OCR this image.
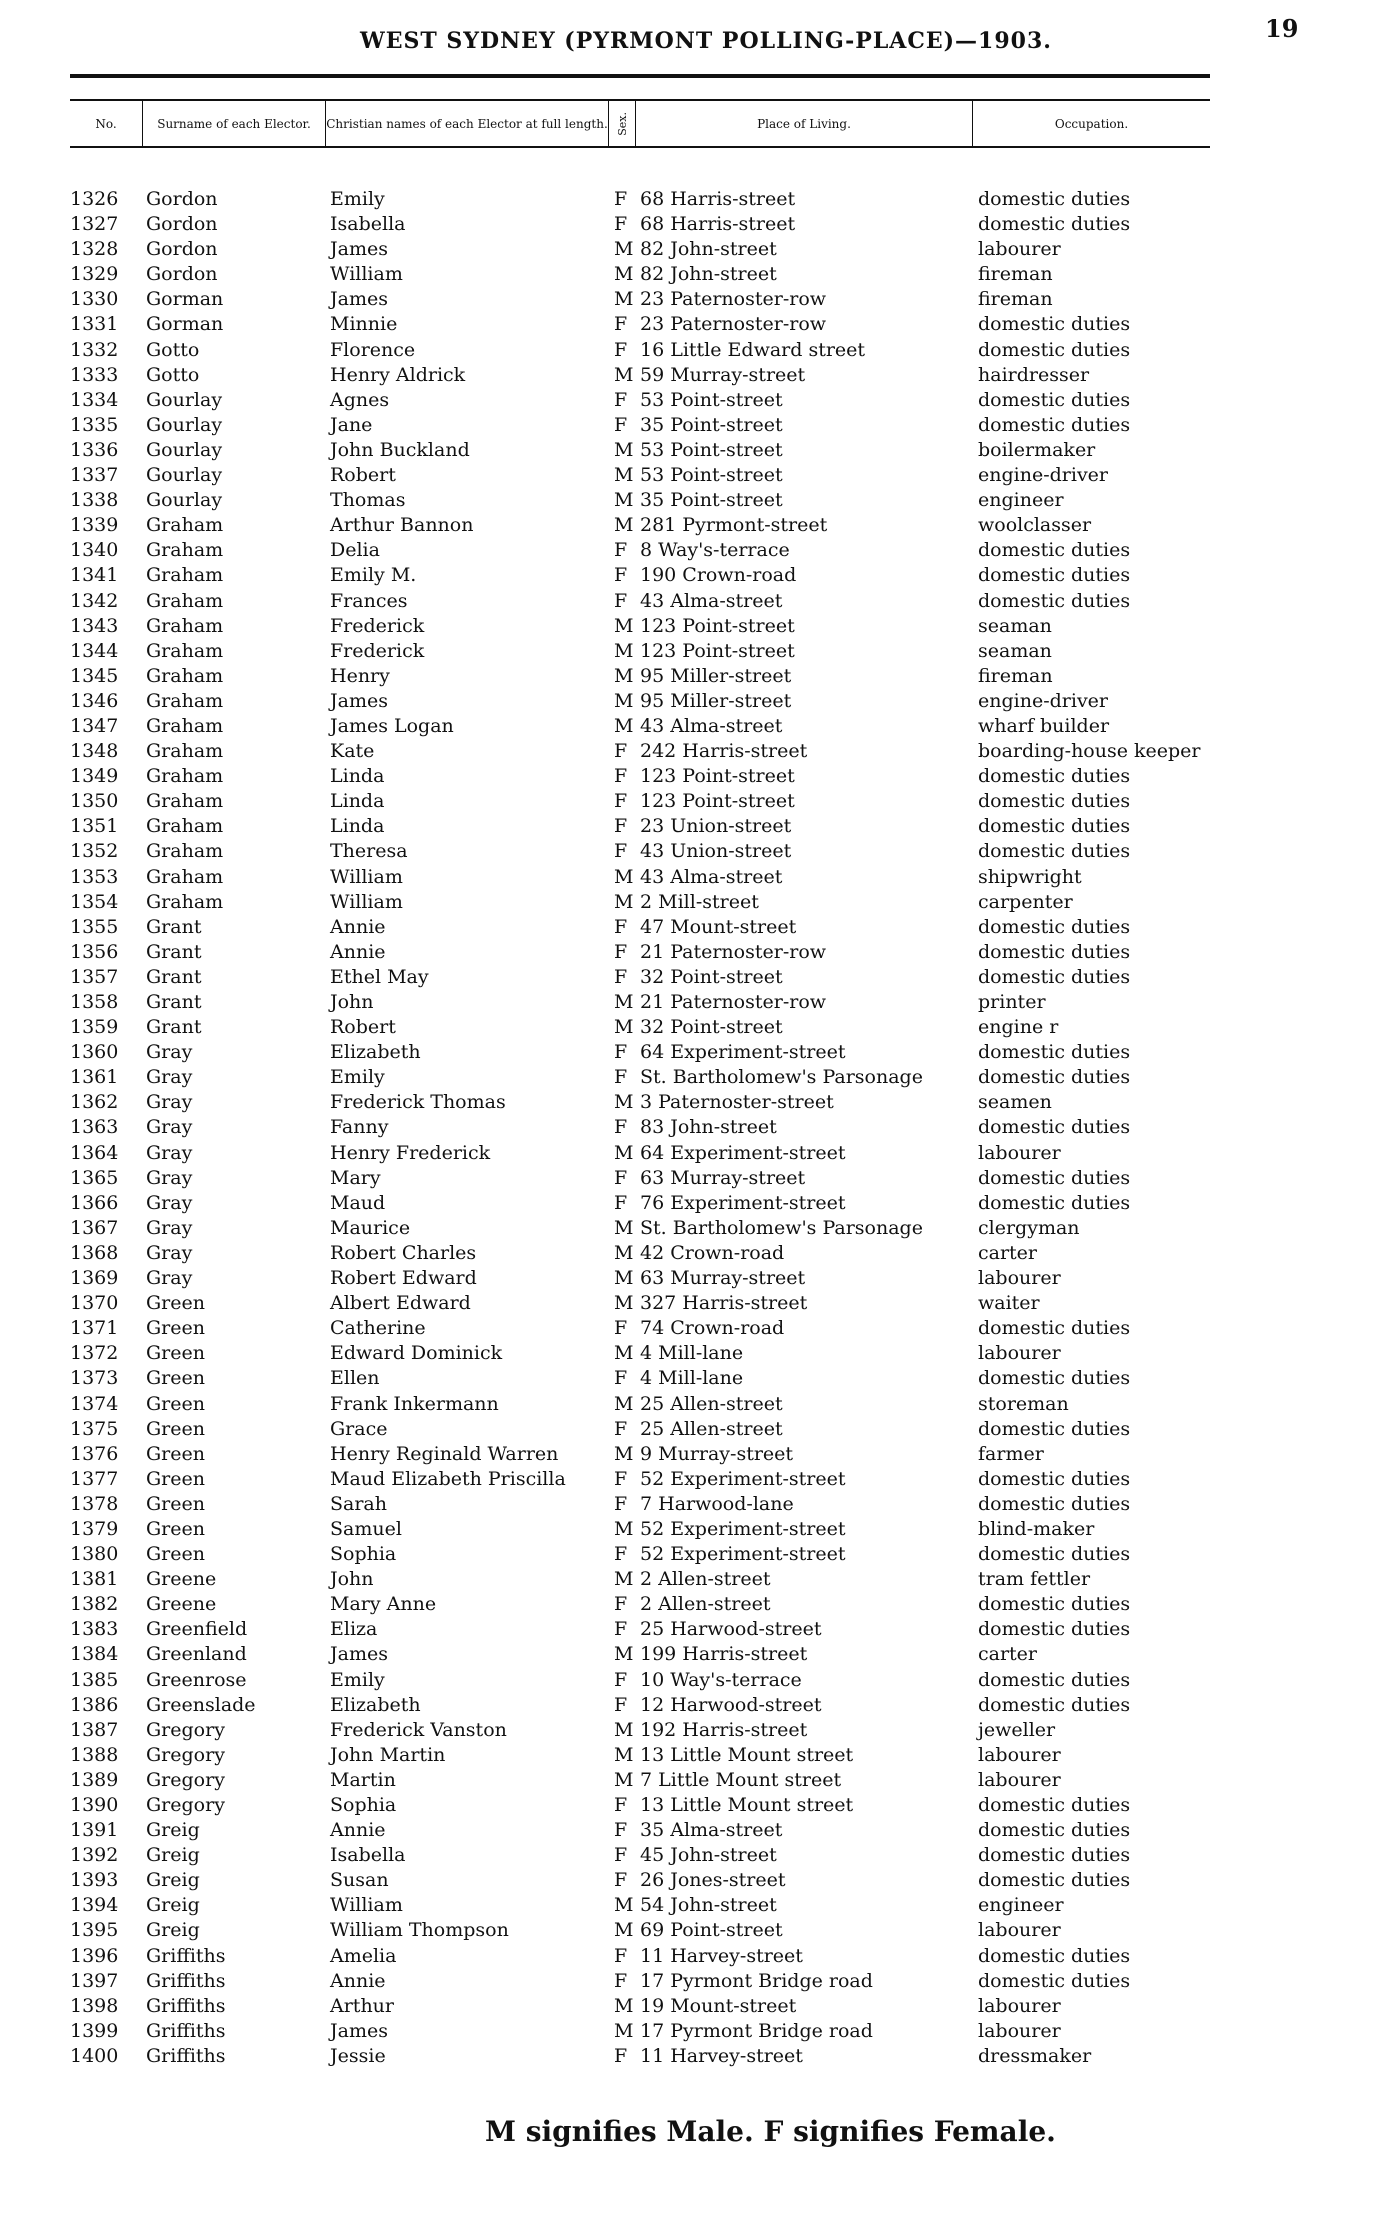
WEST SYDNEY (PYRMONT POLLING-PLACE)—1903.	19
No.	Surname of each Elector.	Christian names of each Elector at full length. Sex.	Place of Living.	Occupation.
1326 Gordon	Emily	F 68 Harris-street	domestic duties
1327 Gordon	Isabella	F 68 Harris-street	domestic duties
1328 Gordon	James	M 82 John-street	labourer
1329 Gordon	William	M 82 John-street	fireman
1330 Gorman	James	M 23 Paternoster-row	fireman
1331 Gorman	Minnie	F 23 Paternoster-row	domestic duties
1332 Gotto	Florence	F 16 Little Edward street	domestic duties
1333 Gotto	Henry Aldrick	M 59 Murray-street	hairdresser
1334 Gourlay	Agnes	F 53 Point-street	domestic duties
1335 Gourlay	Jane	F 35 Point-street	domestic duties
1336 Gourlay	John Buckland	M 53 Point-street	boilermaker
1337 Gourlay	Robert	M 53 Point-street	engine-driver
1338 Gourlay	Thomas	M 35 Point-street	engineer
1339 Graham	Arthur Bannon	M 281 Pyrmont-street	woolclasser
1340 Graham	Delia	F 8 Way's-terrace	domestic duties
1341 Graham	Emily M.	F 190 Crown-road	domestic duties
1342 Graham	Frances	F 43 Alma-street	domestic duties
1343 Graham	Frederick	M 123 Point-street	seaman
1344 Graham	Frederick	M 123 Point-street	seaman
1345 Graham	Henry	M 95 Miller-street	fireman
1346 Graham	James	M 95 Miller-street	engine-driver
1347 Graham	James Logan	M 43 Alma-street	wharf builder
1348 Graham	Kate	F 242 Harris-street	boarding-house keeper
1349 Graham	Linda	F 123 Point-street	domestic duties
1350 Graham	Linda	F 123 Point-street	domestic duties
1351 Graham	Linda	F 23 Union-street	domestic duties
1352 Graham	Theresa	F 43 Union-street	domestic duties
1353 Graham	William	M 43 Alma-street	shipwright
1354 Graham	William	M 2 Mill-street	carpenter
1355 Grant	Annie	F 47 Mount-street	domestic duties
1356 Grant	Annie	F 21 Paternoster-row	domestic duties
1357 Grant	Ethel May	F 32 Point-street	domestic duties
1358 Grant	John	M 21 Paternoster-row	printer
1359 Grant	Robert	M 32 Point-street	engine r
1360 Gray	Elizabeth	F 64 Experiment-street	domestic duties
1361 Gray	Emily	F St. Bartholomew's Parsonage	domestic duties
1362 Gray	Frederick Thomas	M 3 Paternoster-street	seamen
1363 Gray	Fanny	F 83 John-street	domestic duties
1364 Gray	Henry Frederick	M 64 Experiment-street	labourer
1365 Gray	Mary	F 63 Murray-street	domestic duties
1366 Gray	Maud	F 76 Experiment-street	domestic duties
1367 Gray	Maurice	M St. Bartholomew's Parsonage	clergyman
1368 Gray	Robert Charles	M 42 Crown-road	carter
1369 Gray	Robert Edward	M 63 Murray-street	labourer
1370 Green	Albert Edward	M 327 Harris-street	waiter
1371 Green	Catherine	F 74 Crown-road	domestic duties
1372 Green	Edward Dominick	M 4 Mill-lane	labourer
1373 Green	Ellen	F 4 Mill-lane	domestic duties
1374 Green	Frank Inkermann	M 25 Allen-street	storeman
1375 Green	Grace	F 25 Allen-street	domestic duties
1376 Green	Henry Reginald Warren	M 9 Murray-street	farmer
1377 Green	Maud Elizabeth Priscilla	F 52 Experiment-street	domestic duties
1378 Green	Sarah	F 7 Harwood-lane	domestic duties
1379 Green	Samuel	M 52 Experiment-street	blind-maker
1380 Green	Sophia	F 52 Experiment-street	domestic duties
1381 Greene	John	M 2 Allen-street	tram fettler
1382 Greene	Mary Anne	F 2 Allen-street	domestic duties
1383 Greenfield	Eliza	F 25 Harwood-street	domestic duties
1384 Greenland	James	M 199 Harris-street	carter
1385 Greenrose	Emily	F 10 Way's-terrace	domestic duties
1386 Greenslade	Elizabeth	F 12 Harwood-street	domestic duties
1387 Gregory	Frederick Vanston	M 192 Harris-street	jeweller
1388 Gregory	John Martin	M 13 Little Mount street	labourer
1389 Gregory	Martin	M 7 Little Mount street	labourer
1390 Gregory	Sophia	F 13 Little Mount street	domestic duties
1391 Greig	Annie	F 35 Alma-street	domestic duties
1392 Greig	Isabella	F 45 John-street	domestic duties
1393 Greig	Susan	F 26 Jones-street	domestic duties
1394 Greig	William	M 54 John-street	engineer
1395 Greig	William Thompson	M 69 Point-street	labourer
1396 Griffiths	Amelia	F 11 Harvey-street	domestic duties
1397 Griffiths	Annie	F 17 Pyrmont Bridge road	domestic duties
1398 Griffiths	Arthur	M 19 Mount-street	labourer
1399 Griffiths	James	M 17 Pyrmont Bridge road	labourer
1400 Griffiths	Jessie	F 11 Harvey-street	dressmaker
M signifies Male. F signifies Female.
